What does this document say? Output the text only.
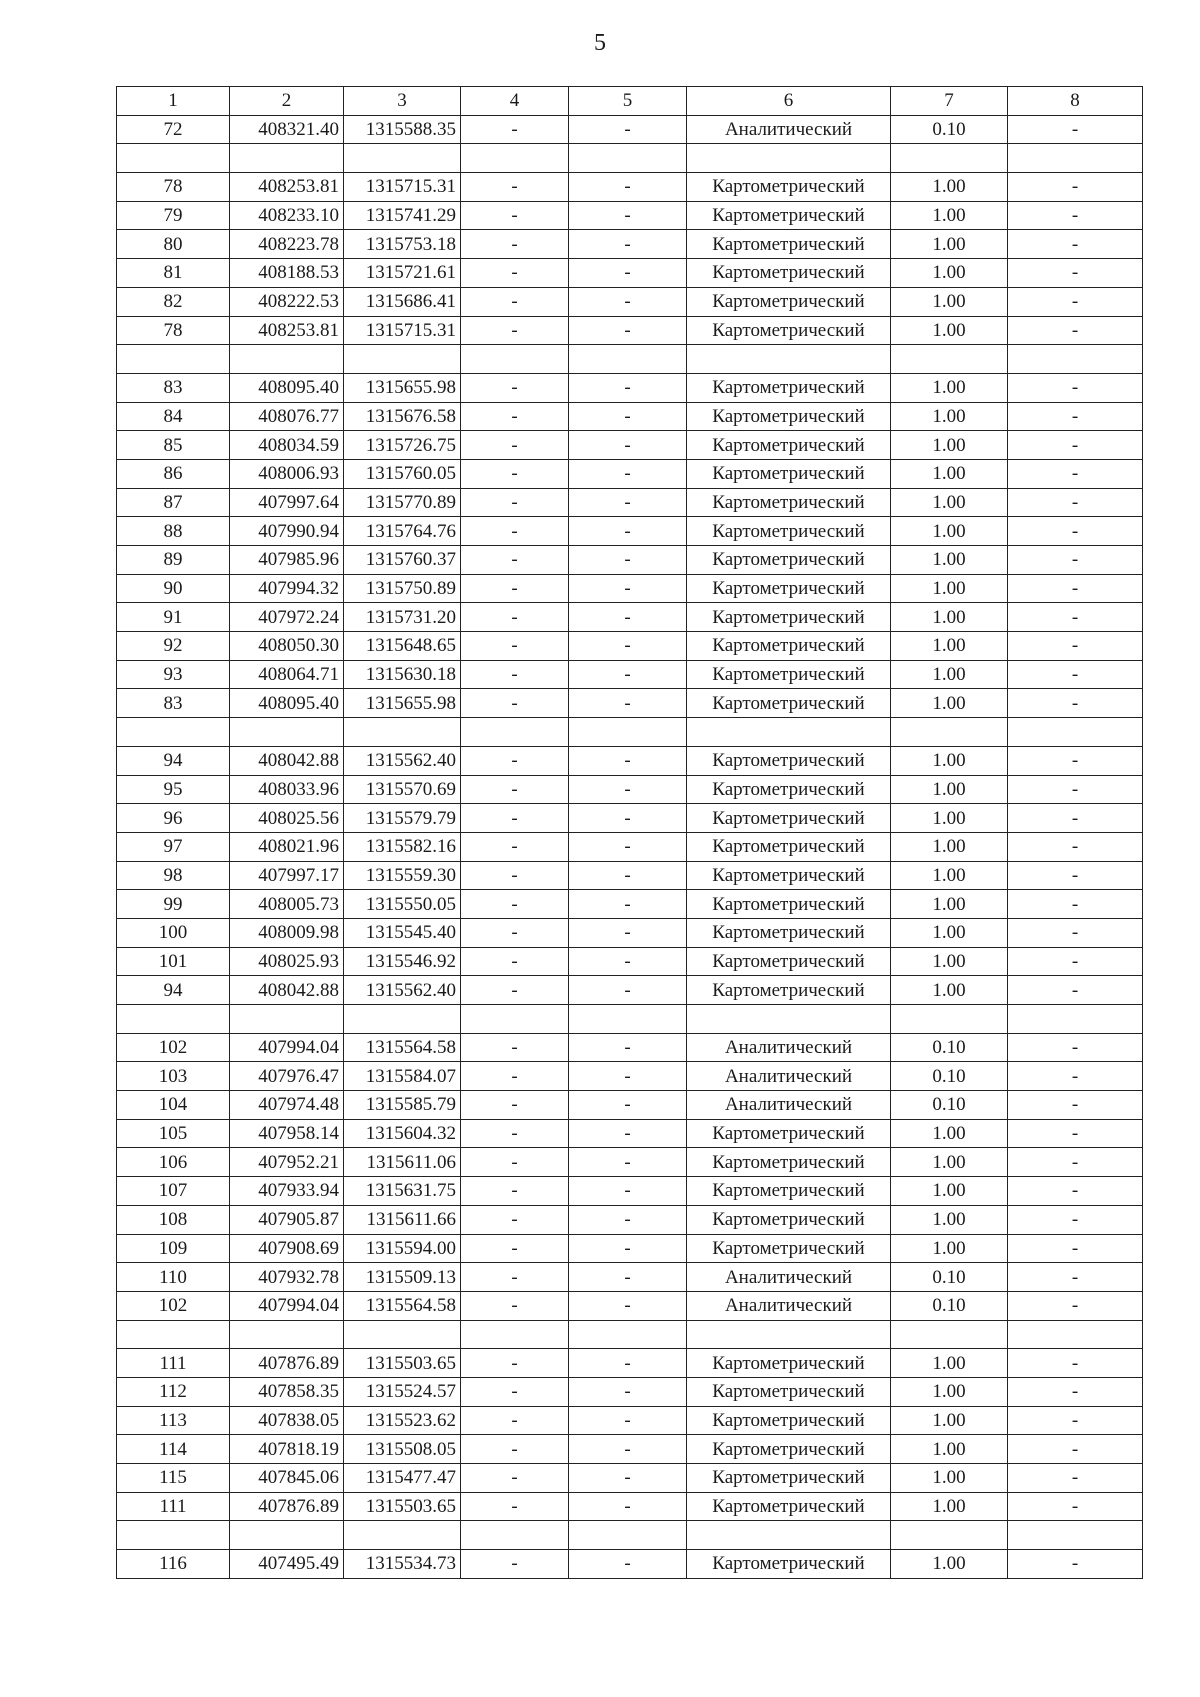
5
1	2	3	4	5	6	7	8
72	408321.40	1315588.35	-	-	Аналитический	0.10	-

78	408253.81	1315715.31	-	-	Картометрический	1.00	-
79	408233.10	1315741.29	-	-	Картометрический	1.00	-
80	408223.78	1315753.18	-	-	Картометрический	1.00	-
81	408188.53	1315721.61	-	-	Картометрический	1.00	-
82	408222.53	1315686.41	-	-	Картометрический	1.00	-
78	408253.81	1315715.31	-	-	Картометрический	1.00	-

83	408095.40	1315655.98	-	-	Картометрический	1.00	-
84	408076.77	1315676.58	-	-	Картометрический	1.00	-
85	408034.59	1315726.75	-	-	Картометрический	1.00	-
86	408006.93	1315760.05	-	-	Картометрический	1.00	-
87	407997.64	1315770.89	-	-	Картометрический	1.00	-
88	407990.94	1315764.76	-	-	Картометрический	1.00	-
89	407985.96	1315760.37	-	-	Картометрический	1.00	-
90	407994.32	1315750.89	-	-	Картометрический	1.00	-
91	407972.24	1315731.20	-	-	Картометрический	1.00	-
92	408050.30	1315648.65	-	-	Картометрический	1.00	-
93	408064.71	1315630.18	-	-	Картометрический	1.00	-
83	408095.40	1315655.98	-	-	Картометрический	1.00	-

94	408042.88	1315562.40	-	-	Картометрический	1.00	-
95	408033.96	1315570.69	-	-	Картометрический	1.00	-
96	408025.56	1315579.79	-	-	Картометрический	1.00	-
97	408021.96	1315582.16	-	-	Картометрический	1.00	-
98	407997.17	1315559.30	-	-	Картометрический	1.00	-
99	408005.73	1315550.05	-	-	Картометрический	1.00	-
100	408009.98	1315545.40	-	-	Картометрический	1.00	-
101	408025.93	1315546.92	-	-	Картометрический	1.00	-
94	408042.88	1315562.40	-	-	Картометрический	1.00	-

102	407994.04	1315564.58	-	-	Аналитический	0.10	-
103	407976.47	1315584.07	-	-	Аналитический	0.10	-
104	407974.48	1315585.79	-	-	Аналитический	0.10	-
105	407958.14	1315604.32	-	-	Картометрический	1.00	-
106	407952.21	1315611.06	-	-	Картометрический	1.00	-
107	407933.94	1315631.75	-	-	Картометрический	1.00	-
108	407905.87	1315611.66	-	-	Картометрический	1.00	-
109	407908.69	1315594.00	-	-	Картометрический	1.00	-
110	407932.78	1315509.13	-	-	Аналитический	0.10	-
102	407994.04	1315564.58	-	-	Аналитический	0.10	-

111	407876.89	1315503.65	-	-	Картометрический	1.00	-
112	407858.35	1315524.57	-	-	Картометрический	1.00	-
113	407838.05	1315523.62	-	-	Картометрический	1.00	-
114	407818.19	1315508.05	-	-	Картометрический	1.00	-
115	407845.06	1315477.47	-	-	Картометрический	1.00	-
111	407876.89	1315503.65	-	-	Картометрический	1.00	-

116	407495.49	1315534.73	-	-	Картометрический	1.00	-
